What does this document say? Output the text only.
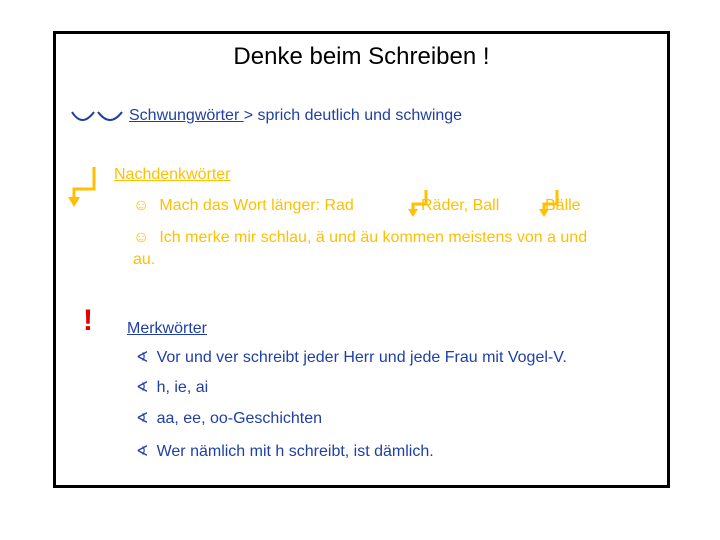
Denke beim Schreiben !
Schwungwörter > sprich deutlich und schwinge
Nachdenkwörter
☺ Mach das Wort länger: Rad	Räder, Ball	Bälle
☺ Ich merke mir schlau, ä und äu kommen meistens von a und
au.
! Merkwörter
∢ Vor und ver schreibt jeder Herr und jede Frau mit Vogel-V.
∢ h, ie, ai
∢ aa, ee, oo-Geschichten
∢ Wer nämlich mit h schreibt, ist dämlich.
